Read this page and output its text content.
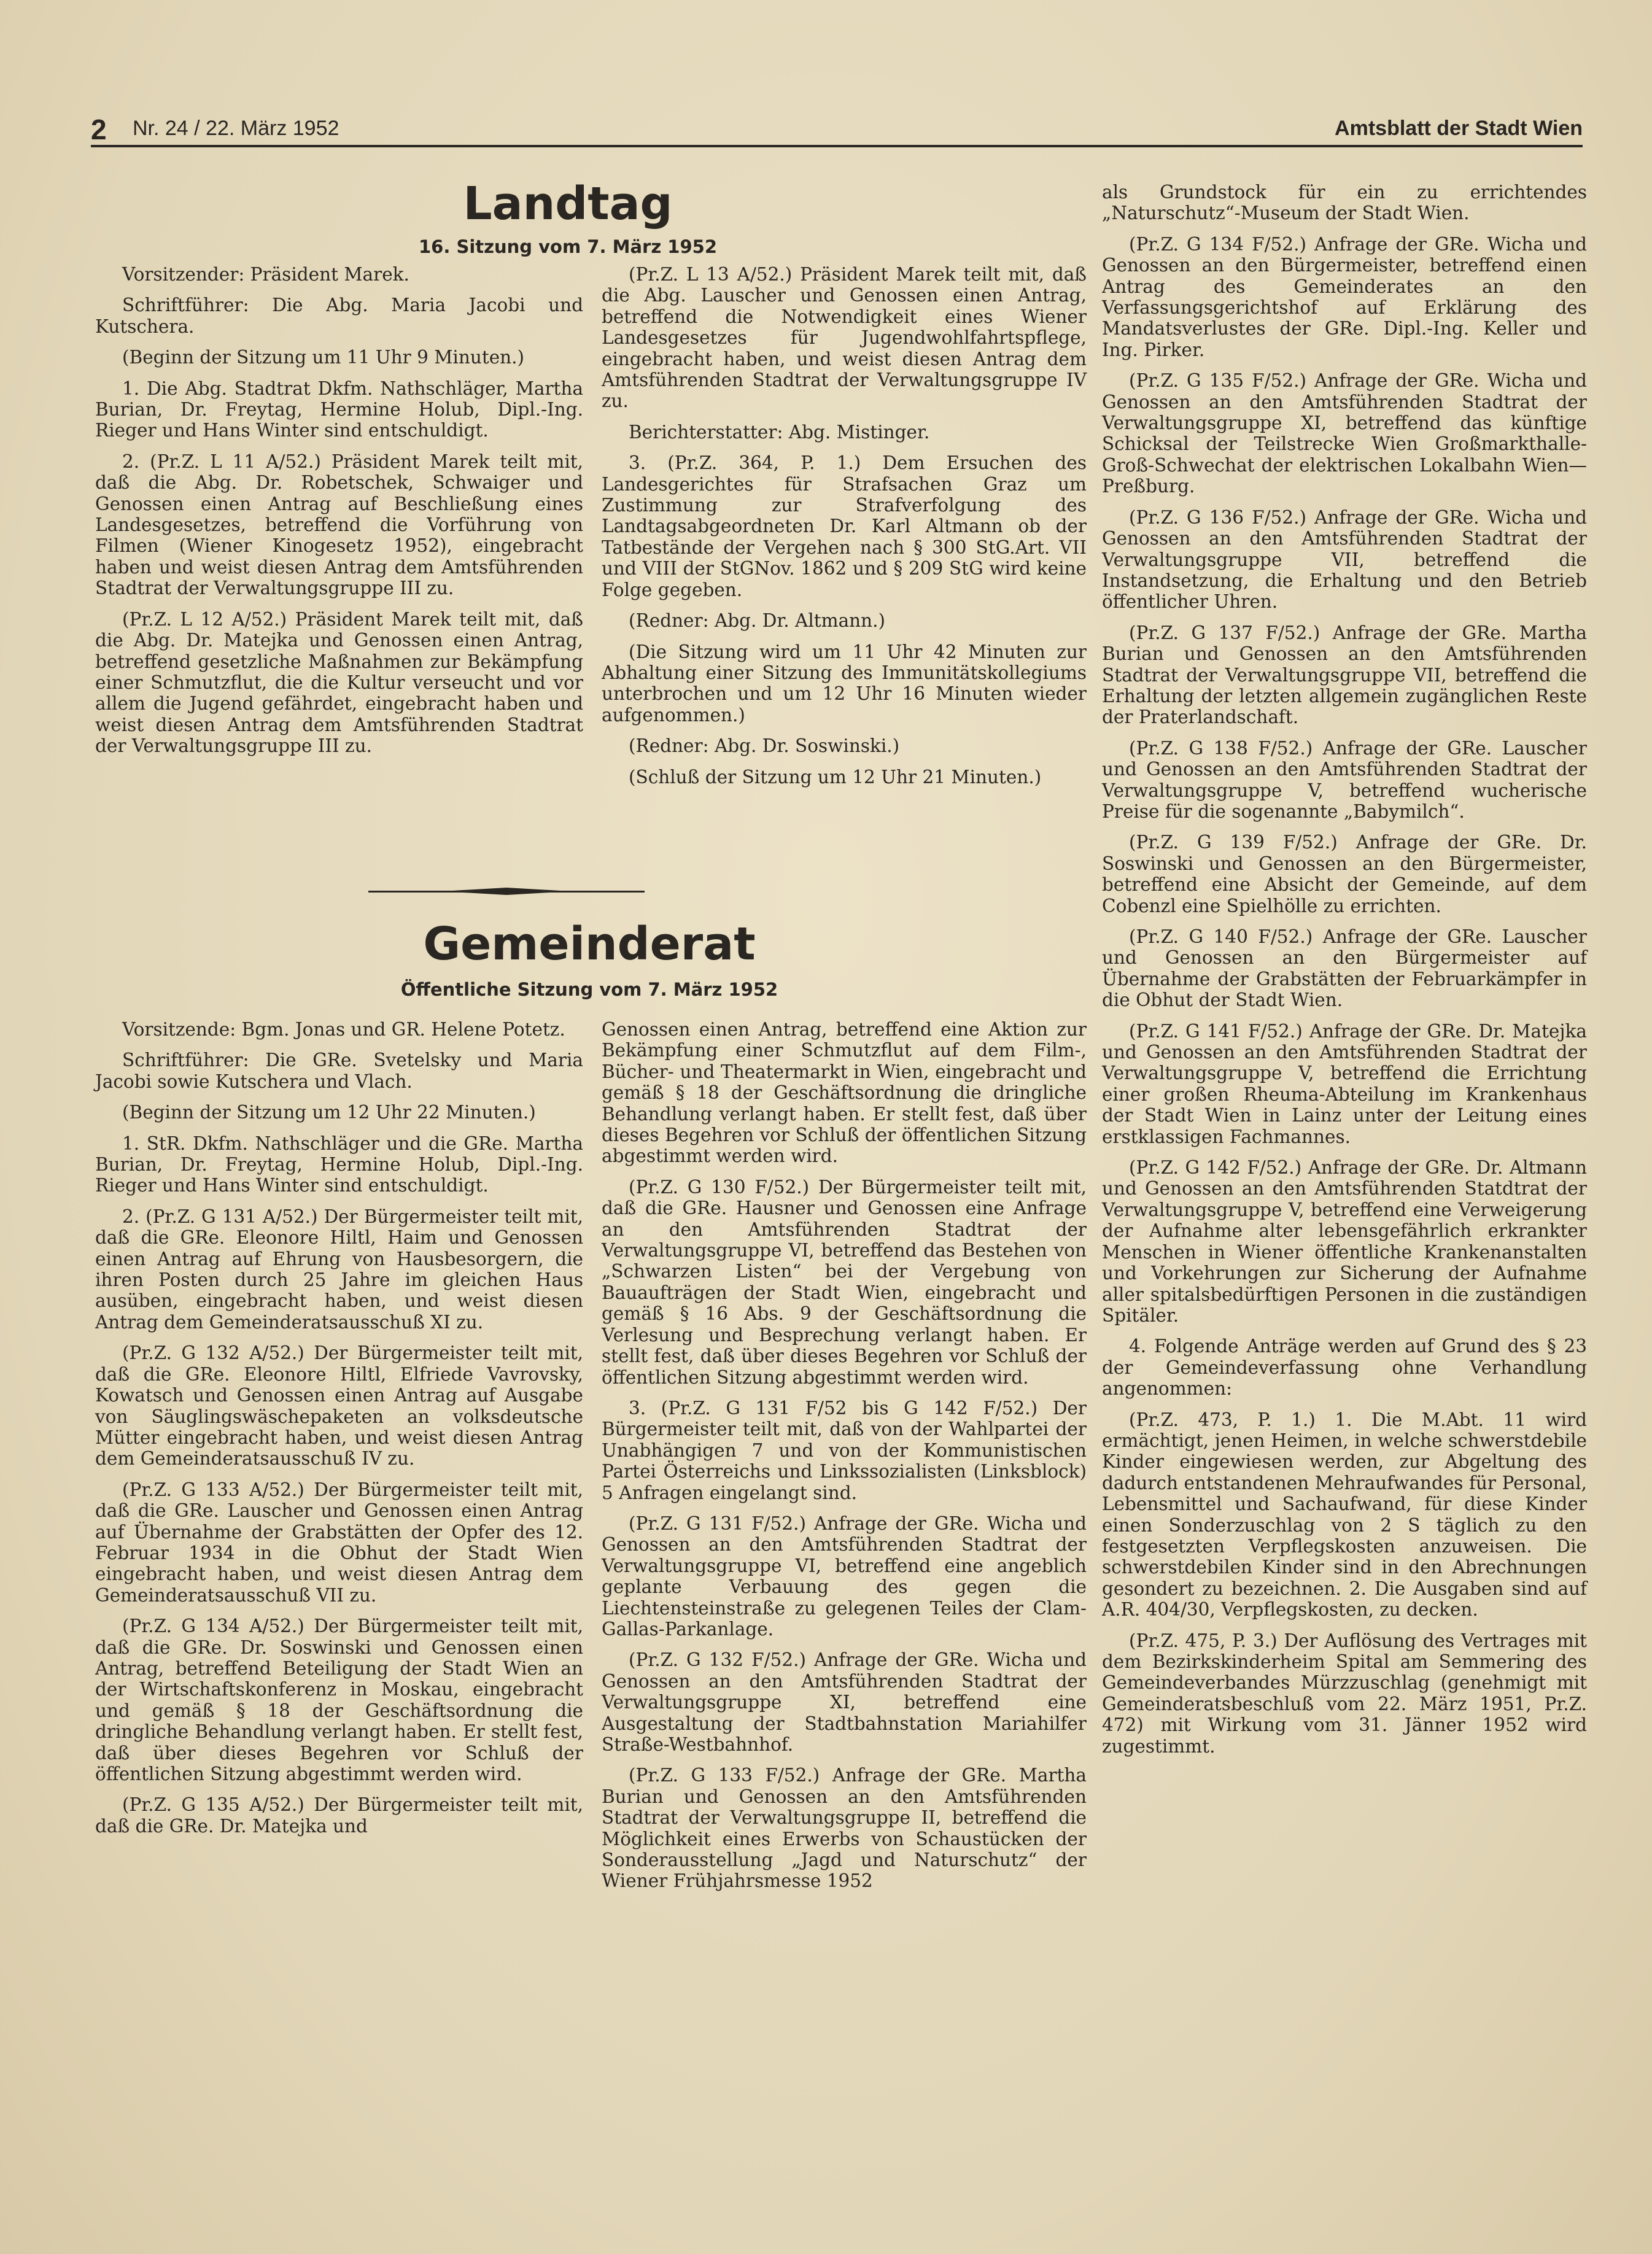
2 Nr. 24 / 22. März 1952	Amtsblatt der Stadt Wien
Landtag
16. Sitzung vom 7. März 1952

Vorsitzender: Präsident Marek.

Schriftführer: Die Abg. Maria Jacobi und Kutschera.

(Beginn der Sitzung um 11 Uhr 9 Minuten.)

1. Die Abg. Stadtrat Dkfm. Nathschläger, Martha Burian, Dr. Freytag, Hermine Holub, Dipl.-Ing. Rieger und Hans Winter sind entschuldigt.

2. (Pr.Z. L 11 A/52.) Präsident Marek teilt mit, daß die Abg. Dr. Robetschek, Schwaiger und Genossen einen Antrag auf Beschließung eines Landesgesetzes, betreffend die Vorführung von Filmen (Wiener Kinogesetz 1952), eingebracht haben und weist diesen Antrag dem Amtsführenden Stadtrat der Verwaltungsgruppe III zu.

(Pr.Z. L 12 A/52.) Präsident Marek teilt mit, daß die Abg. Dr. Matejka und Genossen einen Antrag, betreffend gesetzliche Maßnahmen zur Bekämpfung einer Schmutzflut, die die Kultur verseucht und vor allem die Jugend gefährdet, eingebracht haben und weist diesen Antrag dem Amtsführenden Stadtrat der Verwaltungsgruppe III zu.

(Pr.Z. L 13 A/52.) Präsident Marek teilt mit, daß die Abg. Lauscher und Genossen einen Antrag, betreffend die Notwendigkeit eines Wiener Landesgesetzes für Jugendwohlfahrtspflege, eingebracht haben, und weist diesen Antrag dem Amtsführenden Stadtrat der Verwaltungsgruppe IV zu.

Berichterstatter: Abg. Mistinger.

3. (Pr.Z. 364, P. 1.) Dem Ersuchen des Landesgerichtes für Strafsachen Graz um Zustimmung zur Strafverfolgung des Landtagsabgeordneten Dr. Karl Altmann ob der Tatbestände der Vergehen nach § 300 StG.Art. VII und VIII der StGNov. 1862 und § 209 StG wird keine Folge gegeben.

(Redner: Abg. Dr. Altmann.)

(Die Sitzung wird um 11 Uhr 42 Minuten zur Abhaltung einer Sitzung des Immunitätskollegiums unterbrochen und um 12 Uhr 16 Minuten wieder aufgenommen.)

(Redner: Abg. Dr. Soswinski.)

(Schluß der Sitzung um 12 Uhr 21 Minuten.)

Gemeinderat
Öffentliche Sitzung vom 7. März 1952

Vorsitzende: Bgm. Jonas und GR. Helene Potetz.

Schriftführer: Die GRe. Svetelsky und Maria Jacobi sowie Kutschera und Vlach.

(Beginn der Sitzung um 12 Uhr 22 Minuten.)

1. StR. Dkfm. Nathschläger und die GRe. Martha Burian, Dr. Freytag, Hermine Holub, Dipl.-Ing. Rieger und Hans Winter sind entschuldigt.

2. (Pr.Z. G 131 A/52.) Der Bürgermeister teilt mit, daß die GRe. Eleonore Hiltl, Haim und Genossen einen Antrag auf Ehrung von Hausbesorgern, die ihren Posten durch 25 Jahre im gleichen Haus ausüben, eingebracht haben, und weist diesen Antrag dem Gemeinderatsausschuß XI zu.

(Pr.Z. G 132 A/52.) Der Bürgermeister teilt mit, daß die GRe. Eleonore Hiltl, Elfriede Vavrovsky, Kowatsch und Genossen einen Antrag auf Ausgabe von Säuglingswäschepaketen an volksdeutsche Mütter eingebracht haben, und weist diesen Antrag dem Gemeinderatsausschuß IV zu.

(Pr.Z. G 133 A/52.) Der Bürgermeister teilt mit, daß die GRe. Lauscher und Genossen einen Antrag auf Übernahme der Grabstätten der Opfer des 12. Februar 1934 in die Obhut der Stadt Wien eingebracht haben, und weist diesen Antrag dem Gemeinderatsausschuß VII zu.

(Pr.Z. G 134 A/52.) Der Bürgermeister teilt mit, daß die GRe. Dr. Soswinski und Genossen einen Antrag, betreffend Beteiligung der Stadt Wien an der Wirtschaftskonferenz in Moskau, eingebracht und gemäß § 18 der Geschäftsordnung die dringliche Behandlung verlangt haben. Er stellt fest, daß über dieses Begehren vor Schluß der öffentlichen Sitzung abgestimmt werden wird.

(Pr.Z. G 135 A/52.) Der Bürgermeister teilt mit, daß die GRe. Dr. Matejka und

Genossen einen Antrag, betreffend eine Aktion zur Bekämpfung einer Schmutzflut auf dem Film-, Bücher- und Theatermarkt in Wien, eingebracht und gemäß § 18 der Geschäftsordnung die dringliche Behandlung verlangt haben. Er stellt fest, daß über dieses Begehren vor Schluß der öffentlichen Sitzung abgestimmt werden wird.

(Pr.Z. G 130 F/52.) Der Bürgermeister teilt mit, daß die GRe. Hausner und Genossen eine Anfrage an den Amtsführenden Stadtrat der Verwaltungsgruppe VI, betreffend das Bestehen von „Schwarzen Listen“ bei der Vergebung von Bauaufträgen der Stadt Wien, eingebracht und gemäß § 16 Abs. 9 der Geschäftsordnung die Verlesung und Besprechung verlangt haben. Er stellt fest, daß über dieses Begehren vor Schluß der öffentlichen Sitzung abgestimmt werden wird.

3. (Pr.Z. G 131 F/52 bis G 142 F/52.) Der Bürgermeister teilt mit, daß von der Wahlpartei der Unabhängigen 7 und von der Kommunistischen Partei Österreichs und Linkssozialisten (Linksblock) 5 Anfragen eingelangt sind.

(Pr.Z. G 131 F/52.) Anfrage der GRe. Wicha und Genossen an den Amtsführenden Stadtrat der Verwaltungsgruppe VI, betreffend eine angeblich geplante Verbauung des gegen die Liechtensteinstraße zu gelegenen Teiles der Clam-Gallas-Parkanlage.

(Pr.Z. G 132 F/52.) Anfrage der GRe. Wicha und Genossen an den Amtsführenden Stadtrat der Verwaltungsgruppe XI, betreffend eine Ausgestaltung der Stadtbahnstation Mariahilfer Straße-Westbahnhof.

(Pr.Z. G 133 F/52.) Anfrage der GRe. Martha Burian und Genossen an den Amtsführenden Stadtrat der Verwaltungsgruppe II, betreffend die Möglichkeit eines Erwerbs von Schaustücken der Sonderausstellung „Jagd und Naturschutz“ der Wiener Frühjahrsmesse 1952

als Grundstock für ein zu errichtendes „Naturschutz“-Museum der Stadt Wien.

(Pr.Z. G 134 F/52.) Anfrage der GRe. Wicha und Genossen an den Bürgermeister, betreffend einen Antrag des Gemeinderates an den Verfassungsgerichtshof auf Erklärung des Mandatsverlustes der GRe. Dipl.-Ing. Keller und Ing. Pirker.

(Pr.Z. G 135 F/52.) Anfrage der GRe. Wicha und Genossen an den Amtsführenden Stadtrat der Verwaltungsgruppe XI, betreffend das künftige Schicksal der Teilstrecke Wien Großmarkthalle-Groß-Schwechat der elektrischen Lokalbahn Wien—Preßburg.

(Pr.Z. G 136 F/52.) Anfrage der GRe. Wicha und Genossen an den Amtsführenden Stadtrat der Verwaltungsgruppe VII, betreffend die Instandsetzung, die Erhaltung und den Betrieb öffentlicher Uhren.

(Pr.Z. G 137 F/52.) Anfrage der GRe. Martha Burian und Genossen an den Amtsführenden Stadtrat der Verwaltungsgruppe VII, betreffend die Erhaltung der letzten allgemein zugänglichen Reste der Praterlandschaft.

(Pr.Z. G 138 F/52.) Anfrage der GRe. Lauscher und Genossen an den Amtsführenden Stadtrat der Verwaltungsgruppe V, betreffend wucherische Preise für die sogenannte „Babymilch“.

(Pr.Z. G 139 F/52.) Anfrage der GRe. Dr. Soswinski und Genossen an den Bürgermeister, betreffend eine Absicht der Gemeinde, auf dem Cobenzl eine Spielhölle zu errichten.

(Pr.Z. G 140 F/52.) Anfrage der GRe. Lauscher und Genossen an den Bürgermeister auf Übernahme der Grabstätten der Februarkämpfer in die Obhut der Stadt Wien.

(Pr.Z. G 141 F/52.) Anfrage der GRe. Dr. Matejka und Genossen an den Amtsführenden Stadtrat der Verwaltungsgruppe V, betreffend die Errichtung einer großen Rheuma-Abteilung im Krankenhaus der Stadt Wien in Lainz unter der Leitung eines erstklassigen Fachmannes.

(Pr.Z. G 142 F/52.) Anfrage der GRe. Dr. Altmann und Genossen an den Amtsführenden Statdtrat der Verwaltungsgruppe V, betreffend eine Verweigerung der Aufnahme alter lebensgefährlich erkrankter Menschen in Wiener öffentliche Krankenanstalten und Vorkehrungen zur Sicherung der Aufnahme aller spitalsbedürftigen Personen in die zuständigen Spitäler.

4. Folgende Anträge werden auf Grund des § 23 der Gemeindeverfassung ohne Verhandlung angenommen:

(Pr.Z. 473, P. 1.) 1. Die M.Abt. 11 wird ermächtigt, jenen Heimen, in welche schwerstdebile Kinder eingewiesen werden, zur Abgeltung des dadurch entstandenen Mehraufwandes für Personal, Lebensmittel und Sachaufwand, für diese Kinder einen Sonderzuschlag von 2 S täglich zu den festgesetzten Verpflegskosten anzuweisen. Die schwerstdebilen Kinder sind in den Abrechnungen gesondert zu bezeichnen. 2. Die Ausgaben sind auf A.R. 404/30, Verpflegskosten, zu decken.

(Pr.Z. 475, P. 3.) Der Auflösung des Vertrages mit dem Bezirkskinderheim Spital am Semmering des Gemeindeverbandes Mürzzuschlag (genehmigt mit Gemeinderatsbeschluß vom 22. März 1951, Pr.Z. 472) mit Wirkung vom 31. Jänner 1952 wird zugestimmt.
